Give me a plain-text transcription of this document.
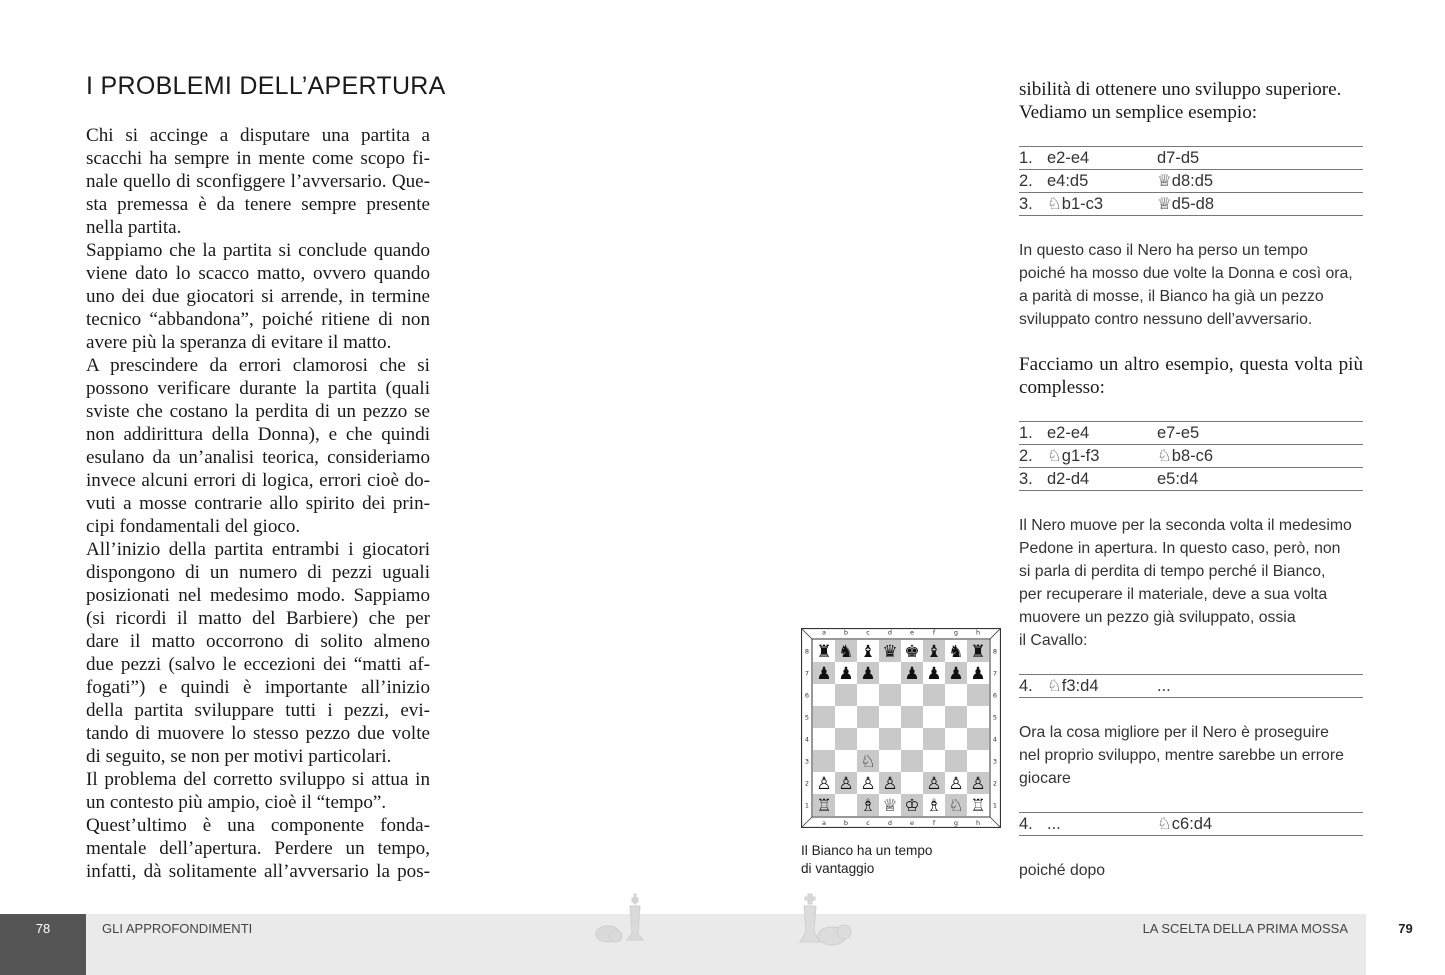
I PROBLEMI DELL’APERTURA
Chi si accinge a disputare una partita a
scacchi ha sempre in mente come scopo fi-
nale quello di sconfiggere l’avversario. Que-
sta premessa è da tenere sempre presente
nella partita.
Sappiamo che la partita si conclude quando
viene dato lo scacco matto, ovvero quando
uno dei due giocatori si arrende, in termine
tecnico “abbandona”, poiché ritiene di non
avere più la speranza di evitare il matto.
A prescindere da errori clamorosi che si
possono verificare durante la partita (quali
sviste che costano la perdita di un pezzo se
non addirittura della Donna), e che quindi
esulano da un’analisi teorica, consideriamo
invece alcuni errori di logica, errori cioè do-
vuti a mosse contrarie allo spirito dei prin-
cipi fondamentali del gioco.
All’inizio della partita entrambi i giocatori
dispongono di un numero di pezzi uguali
posizionati nel medesimo modo. Sappiamo
(si ricordi il matto del Barbiere) che per
dare il matto occorrono di solito almeno
due pezzi (salvo le eccezioni dei “matti af-
fogati”) e quindi è importante all’inizio
della partita sviluppare tutti i pezzi, evi-
tando di muovere lo stesso pezzo due volte
di seguito, se non per motivi particolari.
Il problema del corretto sviluppo si attua in
un contesto più ampio, cioè il “tempo”.
Quest’ultimo è una componente fonda-
mentale dell’apertura. Perdere un tempo,
infatti, dà solitamente all’avversario la pos-
♜ ♞ ♝ ♛ ♚ ♝ ♞ ♜
♟ ♟ ♟ ♟ ♟ ♟ ♟
♘
♙ ♙ ♙ ♙ ♙ ♙ ♙
♖ ♗ ♕ ♔ ♗ ♘ ♖
a
a
b
b
c
c
d
d
e
e
f
f
g
g
h
h
8	8
7	7
6	6
5	5
4	4
3	3
2	2
1	1

Il Bianco ha un tempo
di vantaggio

sibilità di ottenere uno sviluppo superiore.
Vediamo un semplice esempio:

1.	e2-e4	d7-d5
2.	e4:d5	♕d8:d5
3.	♘b1-c3	♕d5-d8

In questo caso il Nero ha perso un tempo
poiché ha mosso due volte la Donna e così ora,
a parità di mosse, il Bianco ha già un pezzo
sviluppato contro nessuno dell’avversario.

Facciamo un altro esempio, questa volta più
complesso:

1.	e2-e4	e7-e5
2.	♘g1-f3	♘b8-c6
3.	d2-d4	e5:d4

Il Nero muove per la seconda volta il medesimo
Pedone in apertura. In questo caso, però, non
si parla di perdita di tempo perché il Bianco,
per recuperare il materiale, deve a sua volta
muovere un pezzo già sviluppato, ossia
il Cavallo:

4.	♘f3:d4	...

Ora la cosa migliore per il Nero è proseguire
nel proprio sviluppo, mentre sarebbe un errore
giocare

4.	...	♘c6:d4

poiché dopo

78	GLI APPROFONDIMENTI	LA SCELTA DELLA PRIMA MOSSA	79
